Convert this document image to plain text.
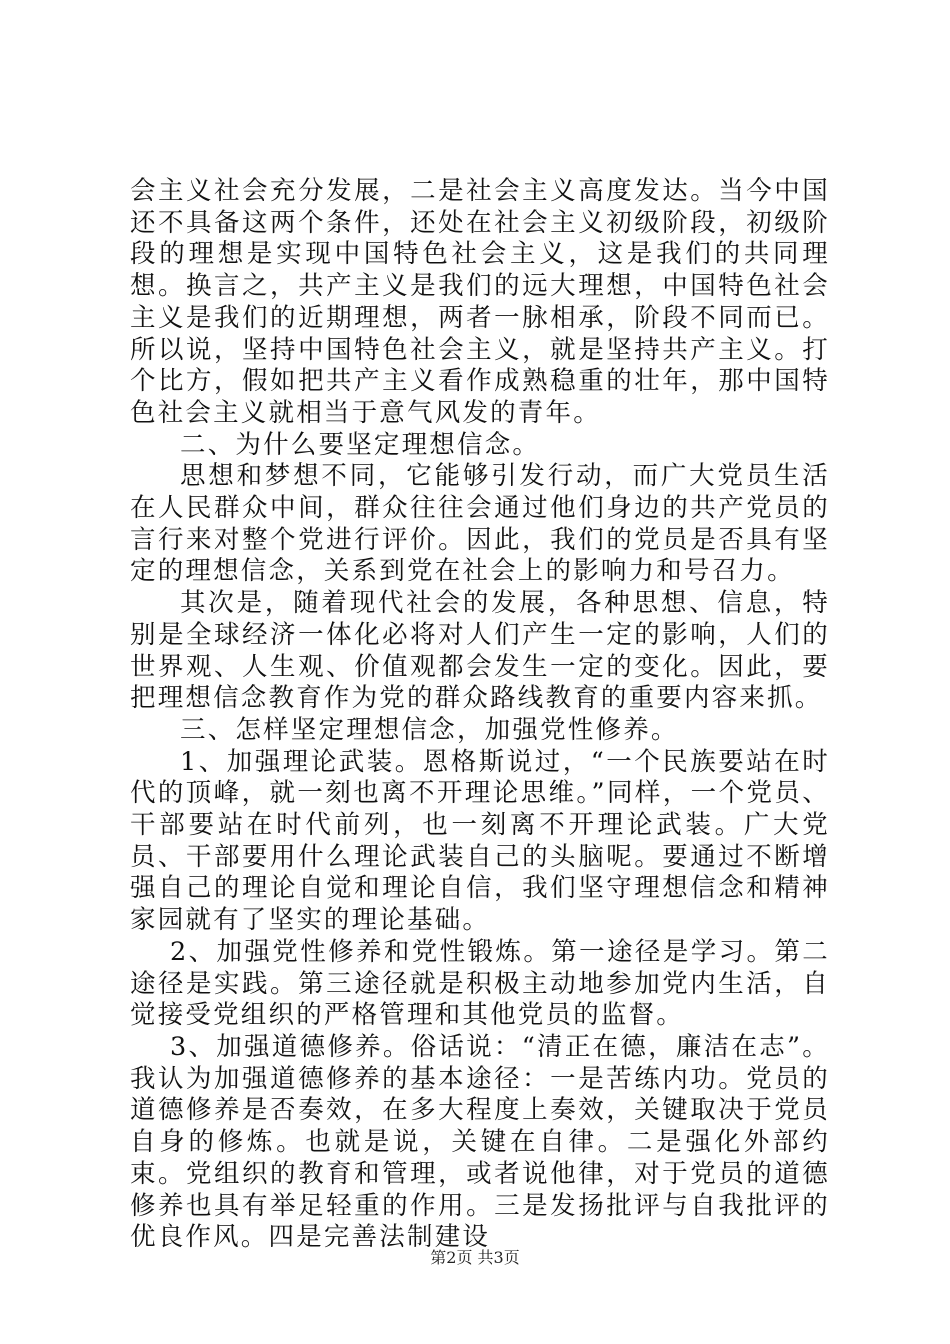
会主义社会充分发展，二是社会主义高度发达。当今中国还不具备这两个条件，还处在社会主义初级阶段，初级阶段的理想是实现中国特色社会主义，这是我们的共同理想。换言之，共产主义是我们的远大理想，中国特色社会主义是我们的近期理想，两者一脉相承，阶段不同而已。所以说，坚持中国特色社会主义，就是坚持共产主义。打个比方，假如把共产主义看作成熟稳重的壮年，那中国特色社会主义就相当于意气风发的青年。

二、为什么要坚定理想信念。

思想和梦想不同，它能够引发行动，而广大党员生活在人民群众中间，群众往往会通过他们身边的共产党员的言行来对整个党进行评价。因此，我们的党员是否具有坚定的理想信念，关系到党在社会上的影响力和号召力。

其次是，随着现代社会的发展，各种思想、信息，特别是全球经济一体化必将对人们产生一定的影响，人们的世界观、人生观、价值观都会发生一定的变化。因此，要把理想信念教育作为党的群众路线教育的重要内容来抓。

三、怎样坚定理想信念，加强党性修养。

1、加强理论武装。恩格斯说过，“一个民族要站在时代的顶峰，就一刻也离不开理论思维。”同样，一个党员、干部要站在时代前列，也一刻离不开理论武装。广大党员、干部要用什么理论武装自己的头脑呢。要通过不断增强自己的理论自觉和理论自信，我们坚守理想信念和精神家园就有了坚实的理论基础。

2、加强党性修养和党性锻炼。第一途径是学习。第二途径是实践。第三途径就是积极主动地参加党内生活，自觉接受党组织的严格管理和其他党员的监督。

3、加强道德修养。俗话说：“清正在德，廉洁在志”。我认为加强道德修养的基本途径：一是苦练内功。党员的道德修养是否奏效，在多大程度上奏效，关键取决于党员自身的修炼。也就是说，关键在自律。二是强化外部约束。党组织的教育和管理，或者说他律，对于党员的道德修养也具有举足轻重的作用。三是发扬批评与自我批评的优良作风。四是完善法制建设

第2页 共3页
